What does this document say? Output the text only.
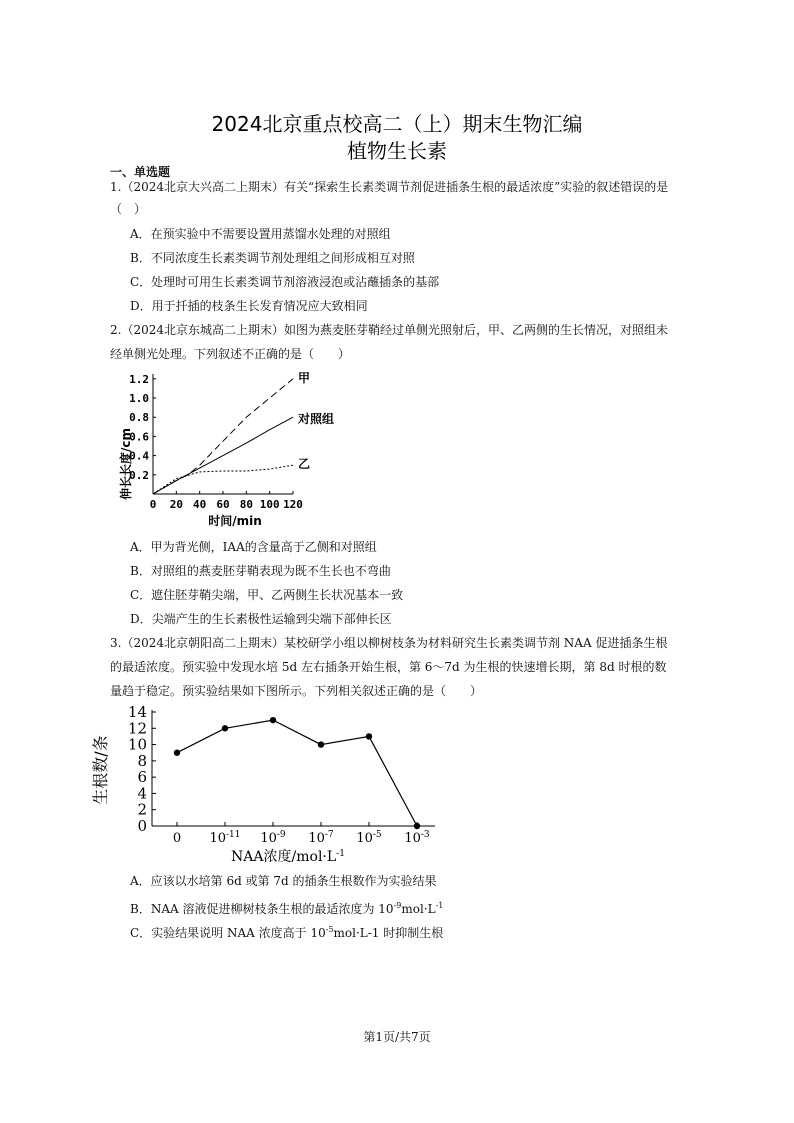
2024北京重点校高二（上）期末生物汇编
植物生长素
一、单选题
1.（2024北京大兴高二上期末）有关“探索生长素类调节剂促进插条生根的最适浓度”实验的叙述错误的是
（　）
A．在预实验中不需要设置用蒸馏水处理的对照组
B．不同浓度生长素类调节剂处理组之间形成相互对照
C．处理时可用生长素类调节剂溶液浸泡或沾蘸插条的基部
D．用于扦插的枝条生长发育情况应大致相同
2.（2024北京东城高二上期末）如图为燕麦胚芽鞘经过单侧光照射后，甲、乙两侧的生长情况，对照组未
经单侧光处理。下列叙述不正确的是（　　）
0.2
0.4
0.6
0.8
1.0
1.2
0 20 40 60 80 100 120
伸长长度/cm
时间/min
甲
对照组
乙
A．甲为背光侧，IAA的含量高于乙侧和对照组
B．对照组的燕麦胚芽鞘表现为既不生长也不弯曲
C．遮住胚芽鞘尖端，甲、乙两侧生长状况基本一致
D．尖端产生的生长素极性运输到尖端下部伸长区
3.（2024北京朝阳高二上期末）某校研学小组以柳树枝条为材料研究生长素类调节剂 NAA 促进插条生根
的最适浓度。预实验中发现水培 5d 左右插条开始生根，第 6～7d 为生根的快速增长期，第 8d 时根的数
量趋于稳定。预实验结果如下图所示。下列相关叙述正确的是（　　）
0
2
4
6
8
10
12
14
0 $10^{-11}$ $10^{-9}$ $10^{-7}$ $10^{-5}$ $10^{-3}$
生根数/条
NAA浓度$/mol\cdot L^{-1}$
A．应该以水培第 6d 或第 7d 的插条生根数作为实验结果
B．NAA 溶液促进柳树枝条生根的最适浓度为 $10^{-9}mol\cdot L^{-1}$
C．实验结果说明 NAA 浓度高于 $10^{-5}mol\cdot L-1$ 时抑制生根
第1页/共7页
